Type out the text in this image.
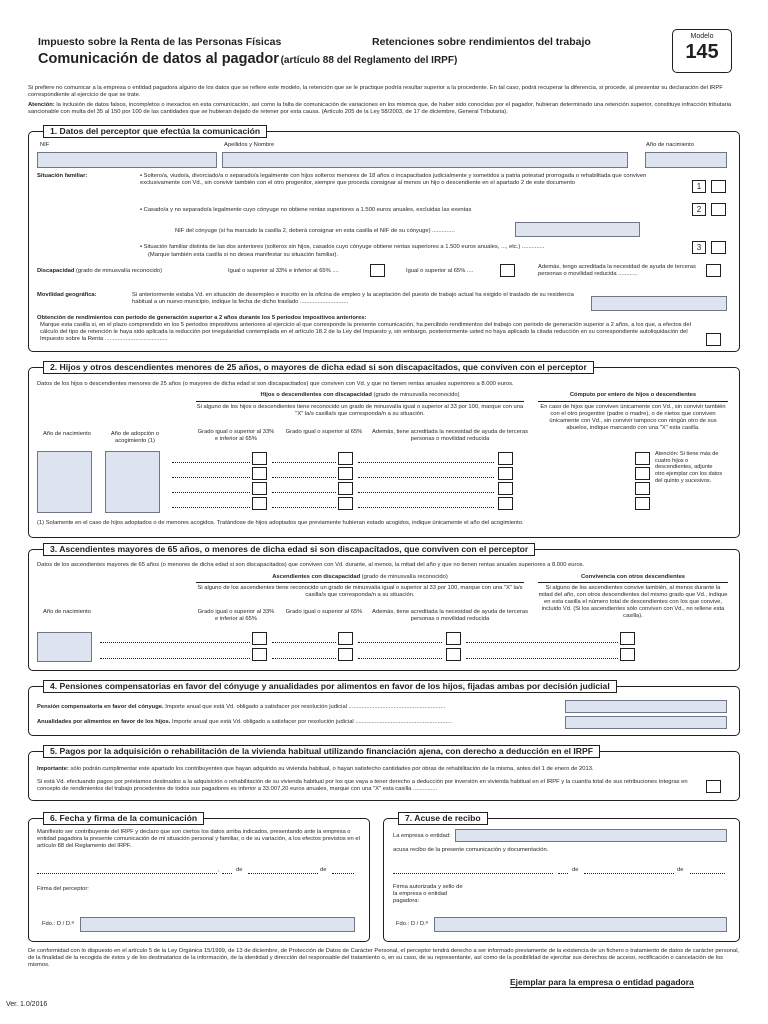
Impuesto sobre la Renta de las Personas Físicas	Retenciones sobre rendimientos del trabajo
Comunicación de datos al pagador (artículo 88 del Reglamento del IRPF)
Modelo
145
Si prefiere no comunicar a la empresa o entidad pagadora alguno de los datos que se refiere este modelo, la retención que se le practique podría resultar superior a la procedente. En tal caso, podrá recuperar la diferencia, si procede, al presentar su declaración del IRPF correspondiente al ejercicio de que se trate.
Atención: la inclusión de datos falsos, incompletos o inexactos en esta comunicación, así como la falta de comunicación de variaciones en los mismos que, de haber sido conocidas por el pagador, hubieran determinado una retención superior, constituye infracción tributaria sancionable con multa del 35 al 150 por 100 de las cantidades que se hubieran dejado de retener por esta causa. (Artículo 205 de la Ley 58/2003, de 17 de diciembre, General Tributaria).
1. Datos del perceptor que efectúa la comunicación
NIF	Apellidos y Nombre	Año de nacimiento
Situación familiar:
•	Soltero/a, viudo/a, divorciado/a o separado/a legalmente con hijos solteros menores de 18 años o incapacitados judicialmente y sometidos a patria potestad prorrogada o rehabilitada que conviven exclusivamente con Vd., sin convivir también con el otro progenitor, siempre que proceda consignar al menos un hijo o descendiente en el apartado 2 de este documento	1
• Casado/a y no separado/a legalmente cuyo cónyuge no obtiene rentas superiores a 1.500 euros anuales, excluidas las exentas	2
NIF del cónyuge (si ha marcado la casilla 2, deberá consignar en esta casilla el NIF de su cónyuge) ..............
• Situación familiar distinta de las dos anteriores (solteros sin hijos, casados cuyo cónyuge obtiene rentas superiores a 1.500 euros anuales, ..., etc.) ..............
(Marque también esta casilla si no desea manifestar su situación familiar).
3
Discapacidad (grado de minusvalía reconocido)	Igual o superior al 33% e inferior al 65% ....	Igual o superior al 65% ....
Además, tengo acreditada la necesidad de ayuda de terceras personas o movilidad reducida ............
Movilidad geográfica:	Si anteriormente estaba Vd. en situación de desempleo e inscrito en la oficina de empleo y la aceptación del puesto de trabajo actual ha exigido el traslado de su residencia habitual a un nuevo municipio, indique la fecha de dicho traslado ..............................
Obtención de rendimientos con periodo de generación superior a 2 años durante los 5 periodos impositivos anteriores:
Marque esta casilla si, en el plazo comprendido en los 5 periodos impositivos anteriores al ejercicio al que corresponde la presente comunicación, ha percibido rendimientos del trabajo con periodo de generación superior a 2 años, a los que, a efectos del cálculo del tipo de retención le haya sido aplicada la reducción por irregularidad contemplada en el artículo 18.2 de la Ley del Impuesto y, sin embargo, posteriormente usted no haya aplicado la citada reducción en su correspondiente autoliquidación del Impuesto sobre la Renta .......................................
2. Hijos y otros descendientes menores de 25 años, o mayores de dicha edad si son discapacitados, que conviven con el perceptor
Datos de los hijos o descendientes menores de 25 años (o mayores de dicha edad si son discapacitados) que conviven con Vd. y que no tienen rentas anuales superiores a 8.000 euros.
Hijos o descendientes con discapacidad (grado de minusvalía reconocido)
Si alguno de los hijos o descendientes tiene reconocido un grado de minusvalía igual o superior al 33 por 100, marque con una "X" la/s casilla/s que corresponda/n a su situación.
Cómputo por entero de hijos o descendientes
En caso de hijos que conviven únicamente con Vd., sin convivir también con el otro progenitor (padre o madre), o de nietos que conviven únicamente con Vd., sin convivir tampoco con ningún otro de sus abuelos, indique marcando con una "X" esta casilla.
Año de nacimiento	Año de adopción o acogimiento (1)
Grado igual o superior al 33% e inferior al 65%
Grado igual o superior al 65%	Además, tiene acreditada la necesidad de ayuda de terceras personas o movilidad reducida
Atención: Si tiene más de cuatro hijos o descendientes, adjunte otro ejemplar con los datos del quinto y sucesivos.
(1) Solamente en el caso de hijos adoptados o de menores acogidos. Tratándose de hijos adoptados que previamente hubieran estado acogidos, indique únicamente el año del acogimiento.
3. Ascendientes mayores de 65 años, o menores de dicha edad si son discapacitados, que conviven con el perceptor
Datos de los ascendientes mayores de 65 años (o menores de dicha edad si son discapacitados) que conviven con Vd. durante, al menos, la mitad del año y que no tienen rentas anuales superiores a 8.000 euros.
Ascendientes con discapacidad (grado de minusvalía reconocido)
Si alguno de los ascendientes tiene reconocido un grado de minusvalía igual o superior al 33 por 100, marque con una "X" la/s casilla/s que corresponda/n a su situación.
Convivencia con otros descendientes
Si alguno de los ascendientes convive también, al menos durante la mitad del año, con otros descendientes del mismo grado que Vd., indique en esta casilla el número total de descendientes con los que convive, incluido Vd. (Si los ascendientes sólo conviven con Vd., no rellene esta casilla).
Año de nacimiento	Grado igual o superior al 33% e inferior al 65%
Grado igual o superior al 65%	Además, tiene acreditada la necesidad de ayuda de terceras personas o movilidad reducida
4. Pensiones compensatorias en favor del cónyuge y anualidades por alimentos en favor de los hijos, fijadas ambas por decisión judicial
Pensión compensatoria en favor del cónyuge. Importe anual que está Vd. obligado a satisfacer por resolución judicial ............................................................
Anualidades por alimentos en favor de los hijos. Importe anual que está Vd. obligado a satisfacer por resolución judicial ............................................................
5. Pagos por la adquisición o rehabilitación de la vivienda habitual utilizando financiación ajena, con derecho a deducción en el IRPF
Importante: sólo podrán cumplimentar este apartado los contribuyentes que hayan adquirido su vivienda habitual, o hayan satisfecho cantidades por obras de rehabilitación de la misma, antes del 1 de enero de 2013.
Si está Vd. efectuando pagos por préstamos destinados a la adquisición o rehabilitación de su vivienda habitual por los que vaya a tener derecho a deducción por inversión en vivienda habitual en el IRPF y la cuantía total de sus retribuciones íntegras en concepto de rendimientos del trabajo procedentes de todos sus pagadores es inferior a 33.007,20 euros anuales, marque con una "X" esta casilla ...............
6. Fecha y firma de la comunicación
Manifiesto ser contribuyente del IRPF y declaro que son ciertos los datos arriba indicados, presentando ante la empresa o entidad pagadora la presente comunicación de mi situación personal y familiar, o de su variación, a los efectos previstos en el artículo 88 del Reglamento del IRPF.
,	de	de
Firma del perceptor:
Fdo.: D / D.ª
7. Acuse de recibo
La empresa o entidad:
acusa recibo de la presente comunicación y documentación.
de	de
Firma autorizada y sello de la empresa o entidad pagadora:
Fdo.: D / D.ª
De conformidad con lo dispuesto en el artículo 5 de la Ley Orgánica 15/1999, de 13 de diciembre, de Protección de Datos de Carácter Personal, el perceptor tendrá derecho a ser informado previamente de la existencia de un fichero o tratamiento de datos de carácter personal, de la finalidad de la recogida de éstos y de los destinatarios de la información, de la identidad y dirección del responsable del tratamiento o, en su caso, de su representante, así como de la posibilidad de ejercitar sus derechos de acceso, rectificación o cancelación de los mismos.
Ver. 1.0/2016
Ejemplar para la empresa o entidad pagadora
